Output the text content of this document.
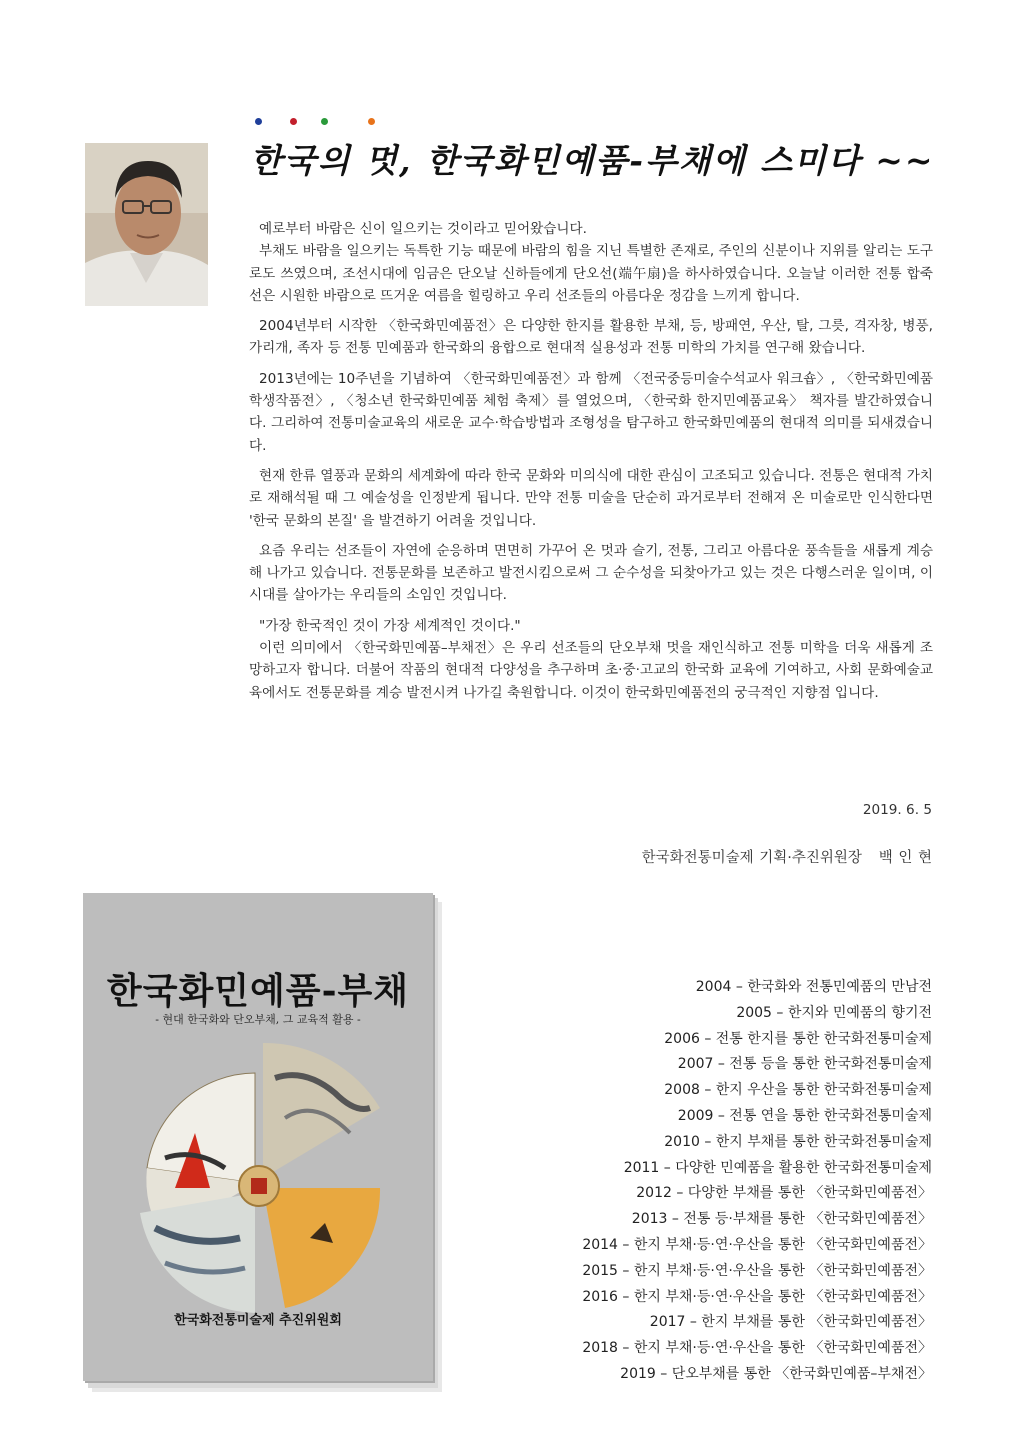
한국의 멋, 한국화민예품-부채에 스미다 ~~

예로부터 바람은 신이 일으키는 것이라고 믿어왔습니다.

부채도 바람을 일으키는 독특한 기능 때문에 바람의 힘을 지닌 특별한 존재로, 주인의 신분이나 지위를 알리는 도구로도 쓰였으며, 조선시대에 임금은 단오날 신하들에게 단오선(端午扇)을 하사하였습니다. 오늘날 이러한 전통 합죽선은 시원한 바람으로 뜨거운 여름을 힐링하고 우리 선조들의 아름다운 정감을 느끼게 합니다.

2004년부터 시작한 〈한국화민예품전〉은 다양한 한지를 활용한 부채, 등, 방패연, 우산, 탈, 그릇, 격자창, 병풍, 가리개, 족자 등 전통 민예품과 한국화의 융합으로 현대적 실용성과 전통 미학의 가치를 연구해 왔습니다.

2013년에는 10주년을 기념하여 〈한국화민예품전〉과 함께 〈전국중등미술수석교사 워크숍〉, 〈한국화민예품 학생작품전〉, 〈청소년 한국화민예품 체험 축제〉를 열었으며, 〈한국화 한지민예품교육〉 책자를 발간하였습니다. 그리하여 전통미술교육의 새로운 교수·학습방법과 조형성을 탐구하고 한국화민예품의 현대적 의미를 되새겼습니다.

현재 한류 열풍과 문화의 세계화에 따라 한국 문화와 미의식에 대한 관심이 고조되고 있습니다. 전통은 현대적 가치로 재해석될 때 그 예술성을 인정받게 됩니다. 만약 전통 미술을 단순히 과거로부터 전해져 온 미술로만 인식한다면 '한국 문화의 본질' 을 발견하기 어려울 것입니다.

요즘 우리는 선조들이 자연에 순응하며 면면히 가꾸어 온 멋과 슬기, 전통, 그리고 아름다운 풍속들을 새롭게 계승해 나가고 있습니다. 전통문화를 보존하고 발전시킴으로써 그 순수성을 되찾아가고 있는 것은 다행스러운 일이며, 이 시대를 살아가는 우리들의 소임인 것입니다.

"가장 한국적인 것이 가장 세계적인 것이다."

이런 의미에서 〈한국화민예품–부채전〉은 우리 선조들의 단오부채 멋을 재인식하고 전통 미학을 더욱 새롭게 조망하고자 합니다. 더불어 작품의 현대적 다양성을 추구하며 초·중·고교의 한국화 교육에 기여하고, 사회 문화예술교육에서도 전통문화를 계승 발전시켜 나가길 축원합니다. 이것이 한국화민예품전의 궁극적인 지향점 입니다.

2019. 6. 5
한국화전통미술제 기획·추진위원장   백 인 현
한국화민예품-부채
- 현대 한국화와 단오부채, 그 교육적 활용 -
한국화전통미술제 추진위원회
2004 – 한국화와 전통민예품의 만남전
2005 – 한지와 민예품의 향기전
2006 – 전통 한지를 통한 한국화전통미술제
2007 – 전통 등을 통한 한국화전통미술제
2008 – 한지 우산을 통한 한국화전통미술제
2009 – 전통 연을 통한 한국화전통미술제
2010 – 한지 부채를 통한 한국화전통미술제
2011 – 다양한 민예품을 활용한 한국화전통미술제
2012 – 다양한 부채를 통한 〈한국화민예품전〉
2013 – 전통 등·부채를 통한 〈한국화민예품전〉
2014 – 한지 부채·등·연·우산을 통한 〈한국화민예품전〉
2015 – 한지 부채·등·연·우산을 통한 〈한국화민예품전〉
2016 – 한지 부채·등·연·우산을 통한 〈한국화민예품전〉
2017 – 한지 부채를 통한 〈한국화민예품전〉
2018 – 한지 부채·등·연·우산을 통한 〈한국화민예품전〉
2019 – 단오부채를 통한 〈한국화민예품–부채전〉
